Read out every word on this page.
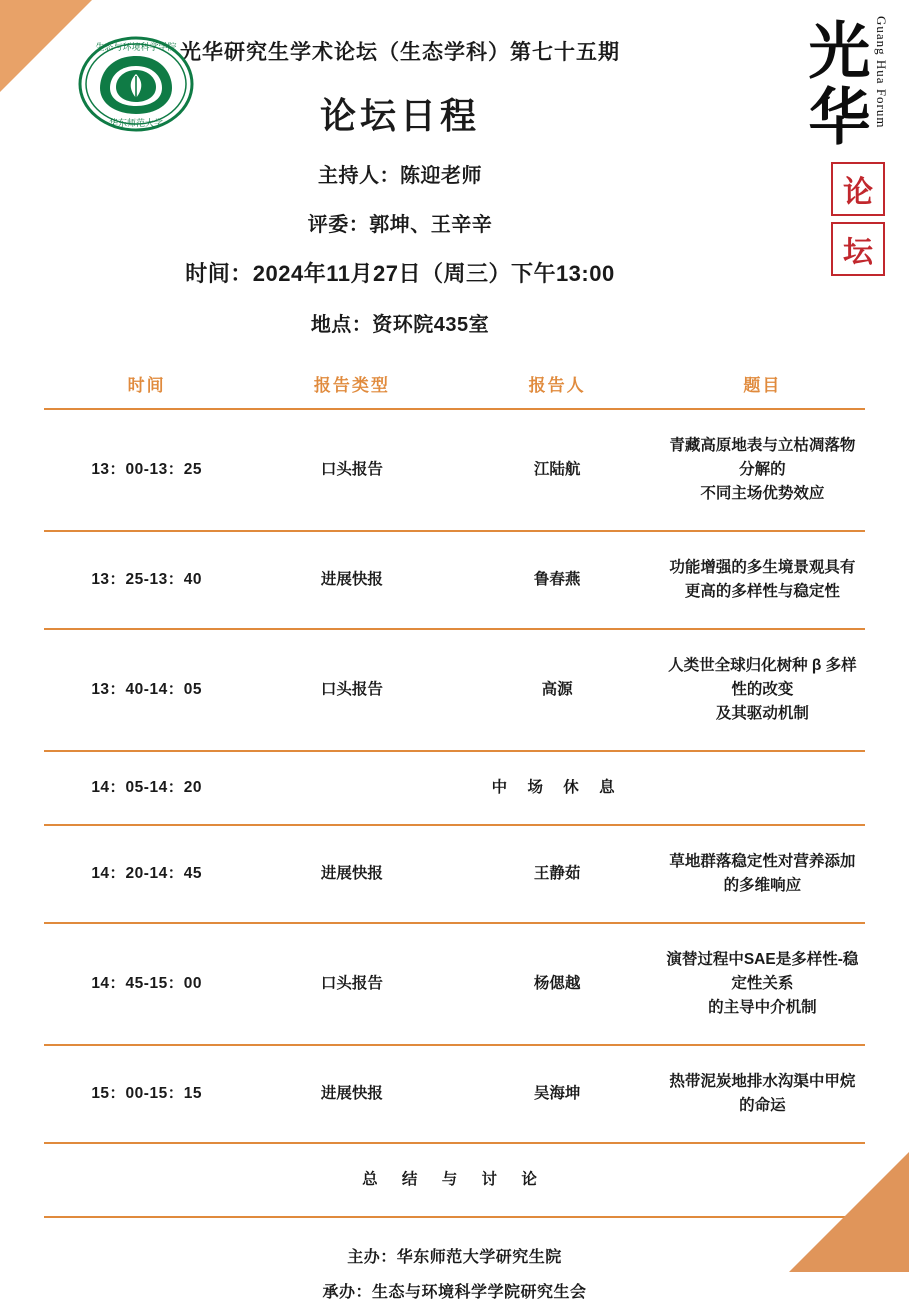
Guang Hua Forum
光华
论
坛
生态与环境科学学院
华东师范大学
光华研究生学术论坛（生态学科）第七十五期
论坛日程
主持人：陈迎老师
评委：郭坤、王辛辛
时间：2024年11月27日（周三）下午13:00
地点：资环院435室
时间	报告类型	报告人	题目
13：00-13：25	口头报告	江陆航	青藏高原地表与立枯凋落物分解的
不同主场优势效应
13：25-13：40	进展快报	鲁春燕	功能增强的多生境景观具有
更高的多样性与稳定性
13：40-14：05	口头报告	高源	人类世全球归化树种 β 多样性的改变
及其驱动机制
14：05-14：20	中 场 休 息		
14：20-14：45	进展快报	王静茹	草地群落稳定性对营养添加的多维响应
14：45-15：00	口头报告	杨偲越	演替过程中SAE是多样性-稳定性关系
的主导中介机制
15：00-15：15	进展快报	吴海坤	热带泥炭地排水沟渠中甲烷的命运
总 结 与 讨 论			
主办：华东师范大学研究生院
承办：生态与环境科学学院研究生会
